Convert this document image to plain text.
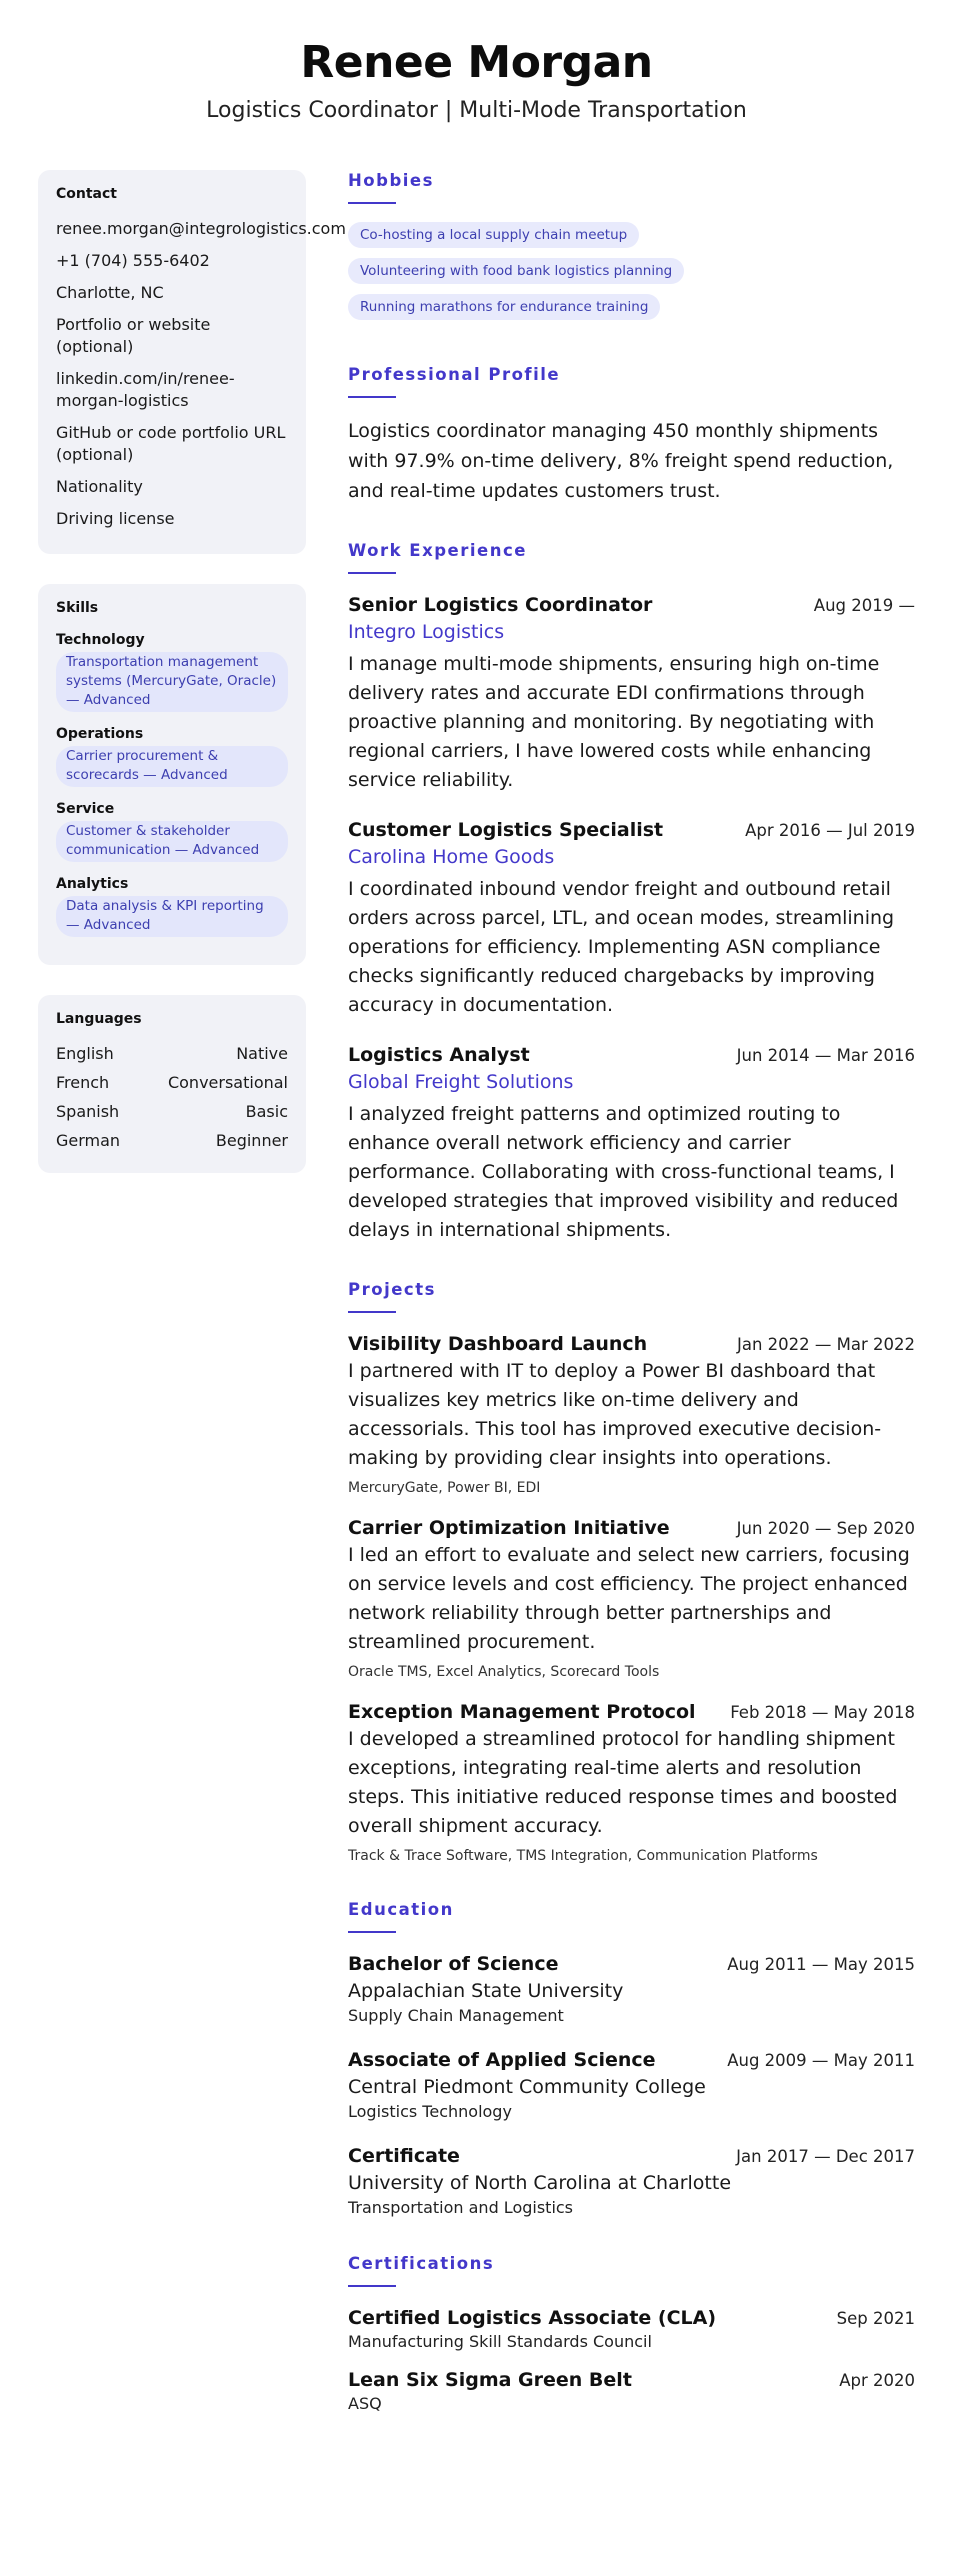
Renee Morgan
Logistics Coordinator | Multi-Mode Transportation
Contact
renee.morgan@integrologistics.com
+1 (704) 555-6402
Charlotte, NC
Portfolio or website (optional)
linkedin.com/in/renee-morgan-logistics
GitHub or code portfolio URL (optional)
Nationality
Driving license
Skills
Technology
Transportation management systems (MercuryGate, Oracle) — Advanced
Operations
Carrier procurement & scorecards — Advanced
Service
Customer & stakeholder communication — Advanced
Analytics
Data analysis & KPI reporting — Advanced
Languages
English	Native
French	Conversational
Spanish	Basic
German	Beginner
Hobbies
Co-hosting a local supply chain meetup
Volunteering with food bank logistics planning
Running marathons for endurance training
Professional Profile
Logistics coordinator managing 450 monthly shipments with 97.9% on-time delivery, 8% freight spend reduction, and real-time updates customers trust.
Work Experience
Senior Logistics Coordinator	Aug 2019 —
Integro Logistics
I manage multi-mode shipments, ensuring high on-time delivery rates and accurate EDI confirmations through proactive planning and monitoring. By negotiating with regional carriers, I have lowered costs while enhancing service reliability.
Customer Logistics Specialist	Apr 2016 — Jul 2019
Carolina Home Goods
I coordinated inbound vendor freight and outbound retail orders across parcel, LTL, and ocean modes, streamlining operations for efficiency. Implementing ASN compliance checks significantly reduced chargebacks by improving accuracy in documentation.
Logistics Analyst	Jun 2014 — Mar 2016
Global Freight Solutions
I analyzed freight patterns and optimized routing to enhance overall network efficiency and carrier performance. Collaborating with cross-functional teams, I developed strategies that improved visibility and reduced delays in international shipments.
Projects
Visibility Dashboard Launch	Jan 2022 — Mar 2022
I partnered with IT to deploy a Power BI dashboard that visualizes key metrics like on-time delivery and accessorials. This tool has improved executive decision-making by providing clear insights into operations.
MercuryGate, Power BI, EDI
Carrier Optimization Initiative	Jun 2020 — Sep 2020
I led an effort to evaluate and select new carriers, focusing on service levels and cost efficiency. The project enhanced network reliability through better partnerships and streamlined procurement.
Oracle TMS, Excel Analytics, Scorecard Tools
Exception Management Protocol Feb 2018 — May 2018
I developed a streamlined protocol for handling shipment exceptions, integrating real-time alerts and resolution steps. This initiative reduced response times and boosted overall shipment accuracy.
Track & Trace Software, TMS Integration, Communication Platforms
Education
Bachelor of Science	Aug 2011 — May 2015
Appalachian State University
Supply Chain Management
Associate of Applied Science	Aug 2009 — May 2011
Central Piedmont Community College
Logistics Technology
Certificate	Jan 2017 — Dec 2017
University of North Carolina at Charlotte
Transportation and Logistics
Certifications
Certified Logistics Associate (CLA)	Sep 2021
Manufacturing Skill Standards Council
Lean Six Sigma Green Belt	Apr 2020
ASQ
